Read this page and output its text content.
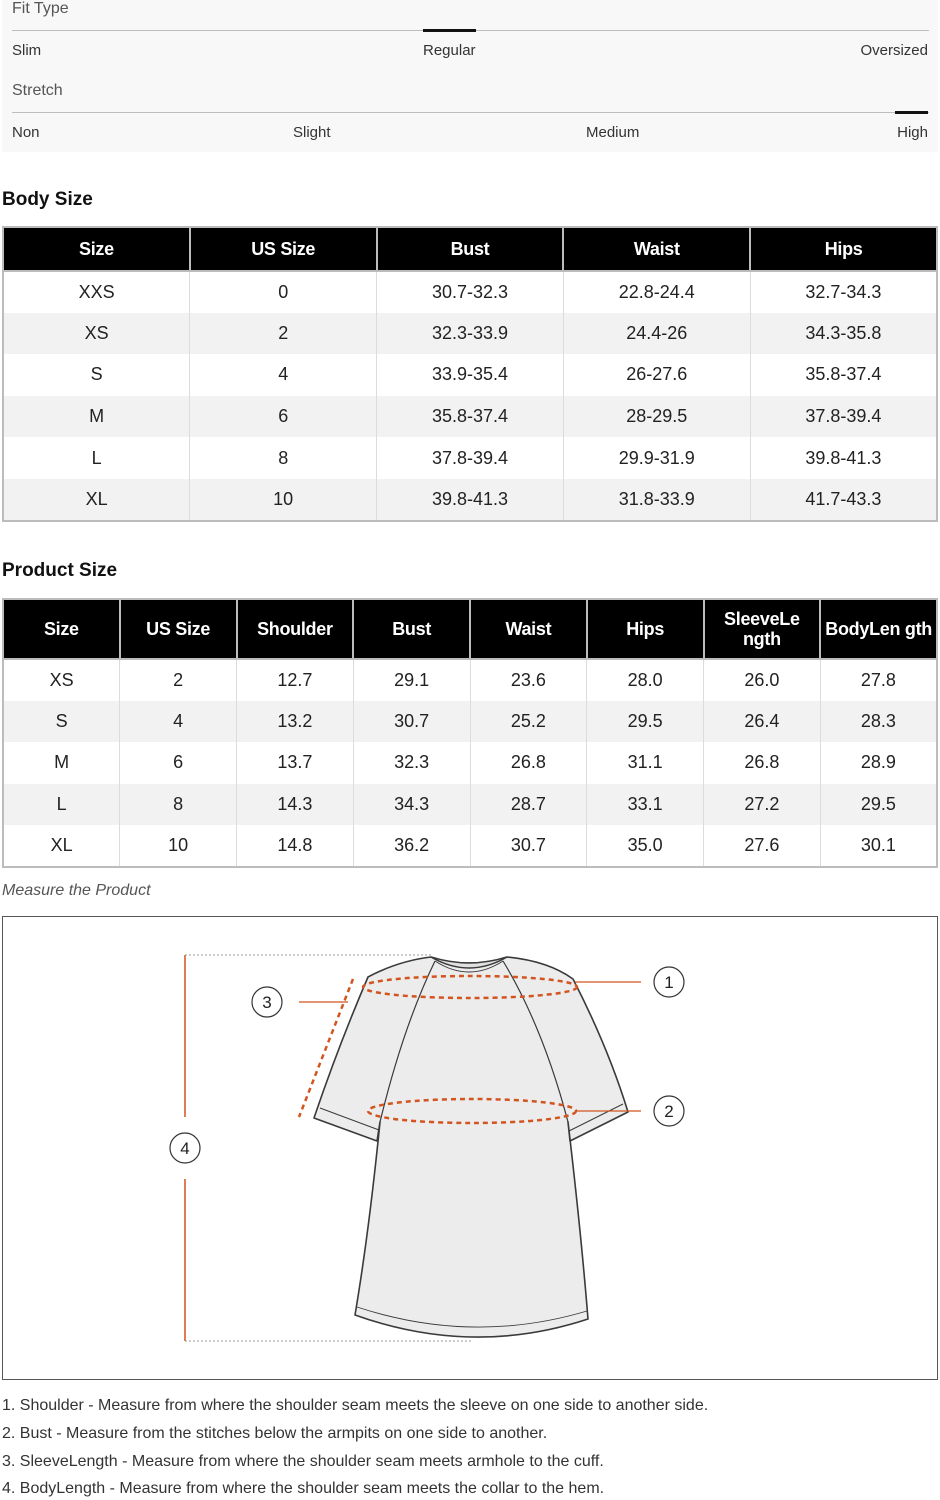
Fit Type
Slim	Regular	Oversized
Stretch
Non	Slight	Medium	High
Body Size
Size	US Size	Bust	Waist	Hips
XXS	0	30.7-32.3	22.8-24.4	32.7-34.3
XS	2	32.3-33.9	24.4-26	34.3-35.8
S	4	33.9-35.4	26-27.6	35.8-37.4
M	6	35.8-37.4	28-29.5	37.8-39.4
L	8	37.8-39.4	29.9-31.9	39.8-41.3
XL	10	39.8-41.3	31.8-33.9	41.7-43.3
Product Size
Size	US Size	Shoulder	Bust	Waist	Hips	SleeveLe ngth	BodyLen gth
XS	2	12.7	29.1	23.6	28.0	26.0	27.8
S	4	13.2	30.7	25.2	29.5	26.4	28.3
M	6	13.7	32.3	26.8	31.1	26.8	28.9
L	8	14.3	34.3	28.7	33.1	27.2	29.5
XL	10	14.8	36.2	30.7	35.0	27.6	30.1
Measure the Product
1
2
3
4
1. Shoulder - Measure from where the shoulder seam meets the sleeve on one side to another side.
2. Bust - Measure from the stitches below the armpits on one side to another.
3. SleeveLength - Measure from where the shoulder seam meets armhole to the cuff.
4. BodyLength - Measure from where the shoulder seam meets the collar to the hem.
